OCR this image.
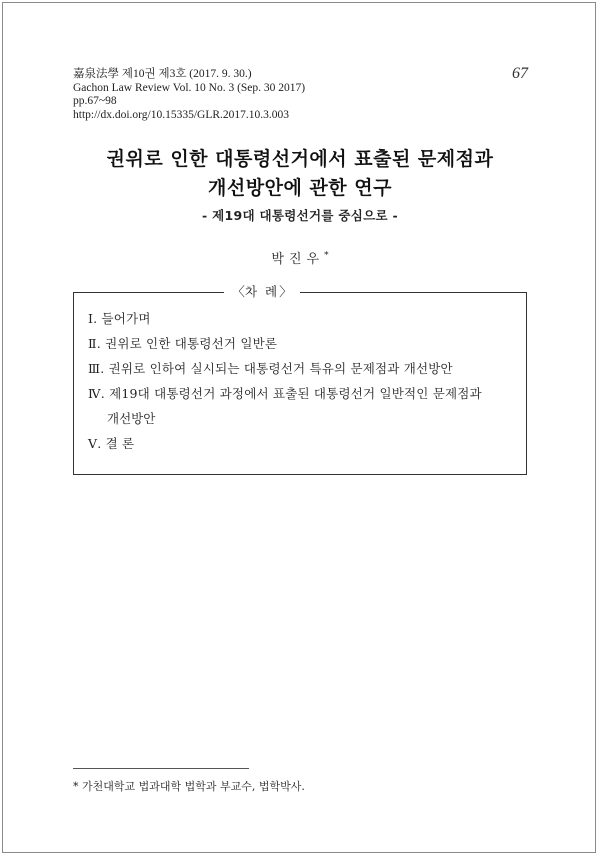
嘉泉法學 제10권 제3호 (2017. 9. 30.)
Gachon Law Review Vol. 10 No. 3 (Sep. 30 2017)
pp.67~98
http://dx.doi.org/10.15335/GLR.2017.10.3.003
67
권위로 인한 대통령선거에서 표출된 문제점과
개선방안에 관한 연구
- 제19대 대통령선거를 중심으로 -
박진우*
〈차 례〉
Ⅰ. 들어가며
Ⅱ. 권위로 인한 대통령선거 일반론
Ⅲ. 권위로 인하여 실시되는 대통령선거 특유의 문제점과 개선방안
Ⅳ. 제19대 대통령선거 과정에서 표출된 대통령선거 일반적인 문제점과
개선방안
Ⅴ. 결 론
* 가천대학교 법과대학 법학과 부교수, 법학박사.
